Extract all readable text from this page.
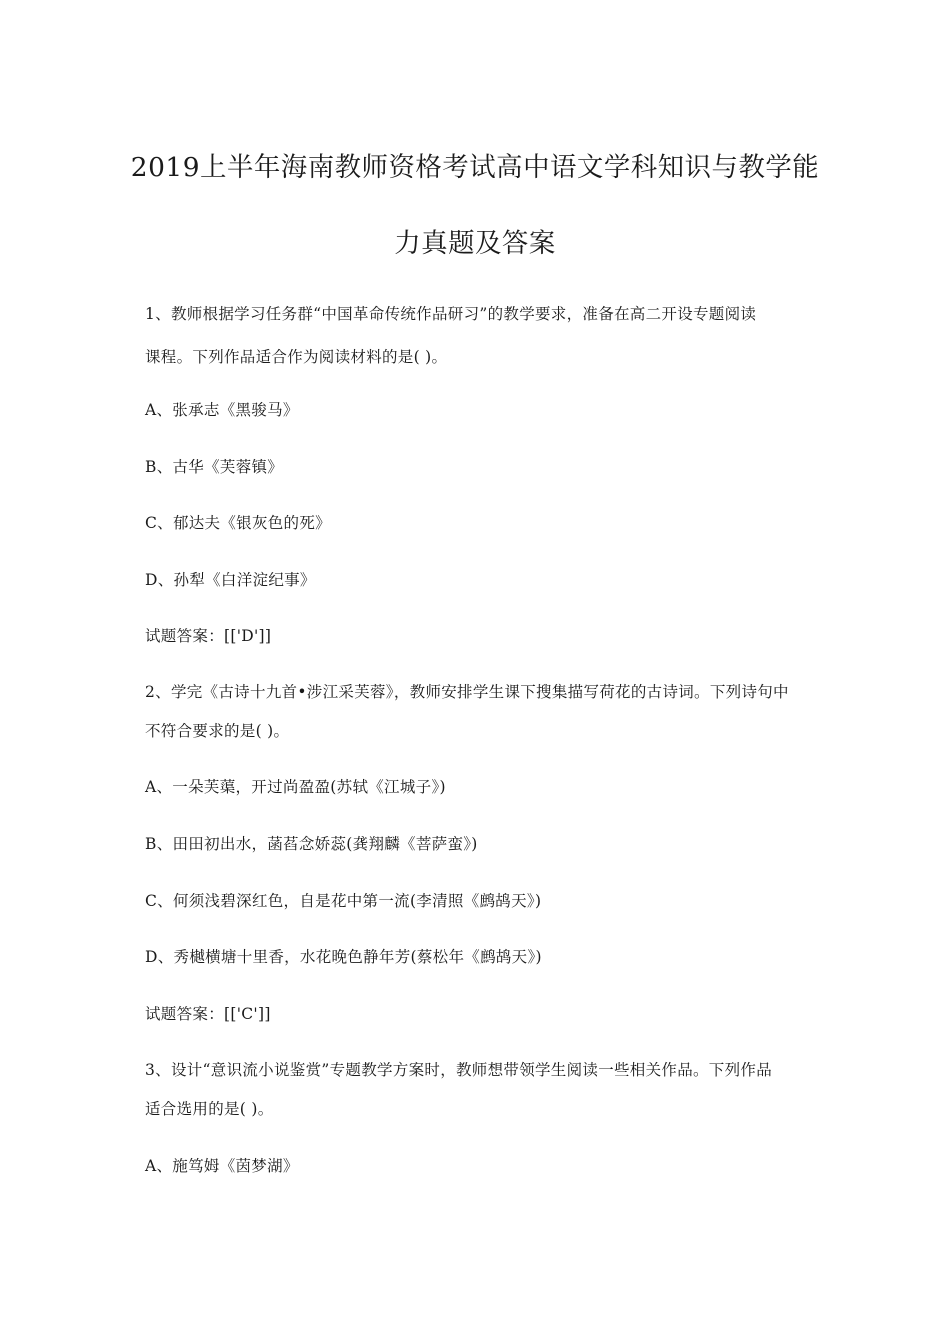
2019上半年海南教师资格考试高中语文学科知识与教学能
力真题及答案
1、教师根据学习任务群“中国革命传统作品研习”的教学要求，准备在高二开设专题阅读
课程。下列作品适合作为阅读材料的是( )。
A、张承志《黑骏马》
B、古华《芙蓉镇》
C、郁达夫《银灰色的死》
D、孙犁《白洋淀纪事》
试题答案：[['D']]
2、学完《古诗十九首•涉江采芙蓉》，教师安排学生课下搜集描写荷花的古诗词。下列诗句中
不符合要求的是( )。
A、一朵芙蕖，开过尚盈盈(苏轼《江城子》)
B、田田初出水，菡萏念娇蕊(龚翔麟《菩萨蛮》)
C、何须浅碧深红色，自是花中第一流(李清照《鹧鸪天》)
D、秀樾横塘十里香，水花晚色静年芳(蔡松年《鹧鸪天》)
试题答案：[['C']]
3、设计“意识流小说鉴赏”专题教学方案时，教师想带领学生阅读一些相关作品。下列作品
适合选用的是( )。
A、施笃姆《茵梦湖》
